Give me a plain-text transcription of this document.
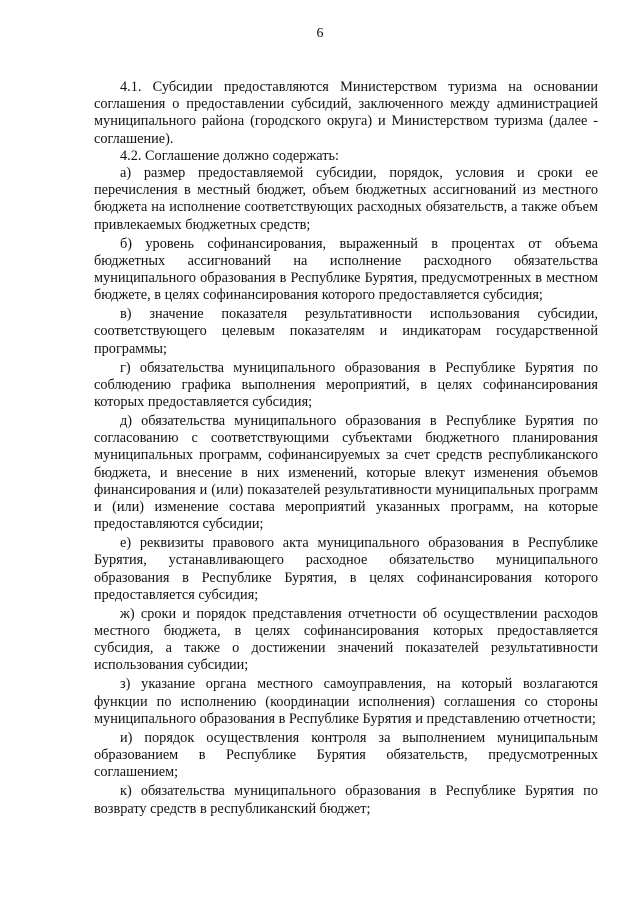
6

4.1. Субсидии предоставляются Министерством туризма на основании соглашения о предоставлении субсидий, заключенного между администрацией муниципального района (городского округа) и Министерством туризма (далее - соглашение).

4.2. Соглашение должно содержать:

а) размер предоставляемой субсидии, порядок, условия и сроки ее перечисления в местный бюджет, объем бюджетных ассигнований из местного бюджета на исполнение соответствующих расходных обязательств, а также объем привлекаемых бюджетных средств;

б) уровень софинансирования, выраженный в процентах от объема бюджетных ассигнований на исполнение расходного обязательства муниципального образования в Республике Бурятия, предусмотренных в местном бюджете, в целях софинансирования которого предоставляется субсидия;

в) значение показателя результативности использования субсидии, соответствующего целевым показателям и индикаторам государственной программы;

г) обязательства муниципального образования в Республике Бурятия по соблюдению графика выполнения мероприятий, в целях софинансирования которых предоставляется субсидия;

д) обязательства муниципального образования в Республике Бурятия по согласованию с соответствующими субъектами бюджетного планирования муниципальных программ, софинансируемых за счет средств республиканского бюджета, и внесение в них изменений, которые влекут изменения объемов финансирования и (или) показателей результативности муниципальных программ и (или) изменение состава мероприятий указанных программ, на которые предоставляются субсидии;

е) реквизиты правового акта муниципального образования в Республике Бурятия, устанавливающего расходное обязательство муниципального образования в Республике Бурятия, в целях софинансирования которого предоставляется субсидия;

ж) сроки и порядок представления отчетности об осуществлении расходов местного бюджета, в целях софинансирования которых предоставляется субсидия, а также о достижении значений показателей результативности использования субсидии;

з) указание органа местного самоуправления, на который возлагаются функции по исполнению (координации исполнения) соглашения со стороны муниципального образования в Республике Бурятия и представлению отчетности;

и) порядок осуществления контроля за выполнением муниципальным образованием в Республике Бурятия обязательств, предусмотренных соглашением;

к) обязательства муниципального образования в Республике Бурятия по возврату средств в республиканский бюджет;
